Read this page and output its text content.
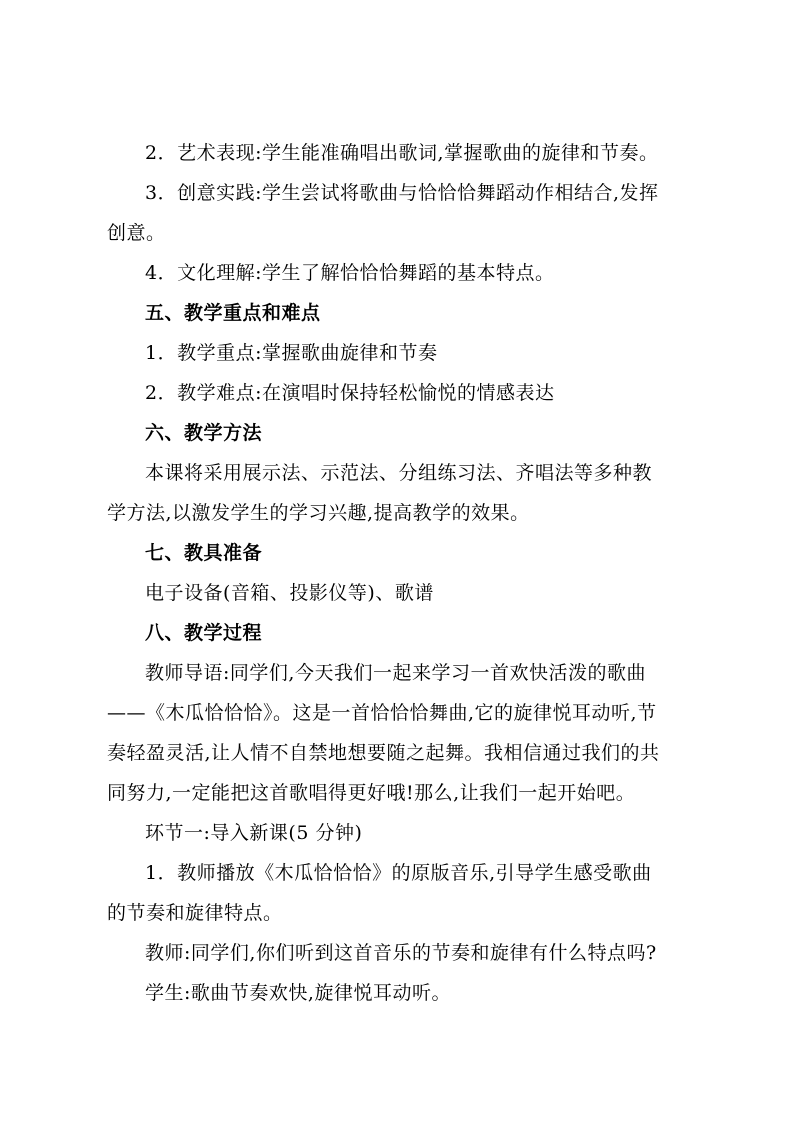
2．艺术表现:学生能准确唱出歌词,掌握歌曲的旋律和节奏。
3．创意实践:学生尝试将歌曲与恰恰恰舞蹈动作相结合,发挥
创意。
4．文化理解:学生了解恰恰恰舞蹈的基本特点。
五、教学重点和难点
1．教学重点:掌握歌曲旋律和节奏
2．教学难点:在演唱时保持轻松愉悦的情感表达
六、教学方法
本课将采用展示法、示范法、分组练习法、齐唱法等多种教
学方法,以激发学生的学习兴趣,提高教学的效果。
七、教具准备
电子设备(音箱、投影仪等)、歌谱
八、教学过程
教师导语:同学们,今天我们一起来学习一首欢快活泼的歌曲
——《木瓜恰恰恰》。这是一首恰恰恰舞曲,它的旋律悦耳动听,节
奏轻盈灵活,让人情不自禁地想要随之起舞。我相信通过我们的共
同努力,一定能把这首歌唱得更好哦!那么,让我们一起开始吧。
环节一:导入新课(5 分钟)
1．教师播放《木瓜恰恰恰》的原版音乐,引导学生感受歌曲
的节奏和旋律特点。
教师:同学们,你们听到这首音乐的节奏和旋律有什么特点吗?
学生:歌曲节奏欢快,旋律悦耳动听。
